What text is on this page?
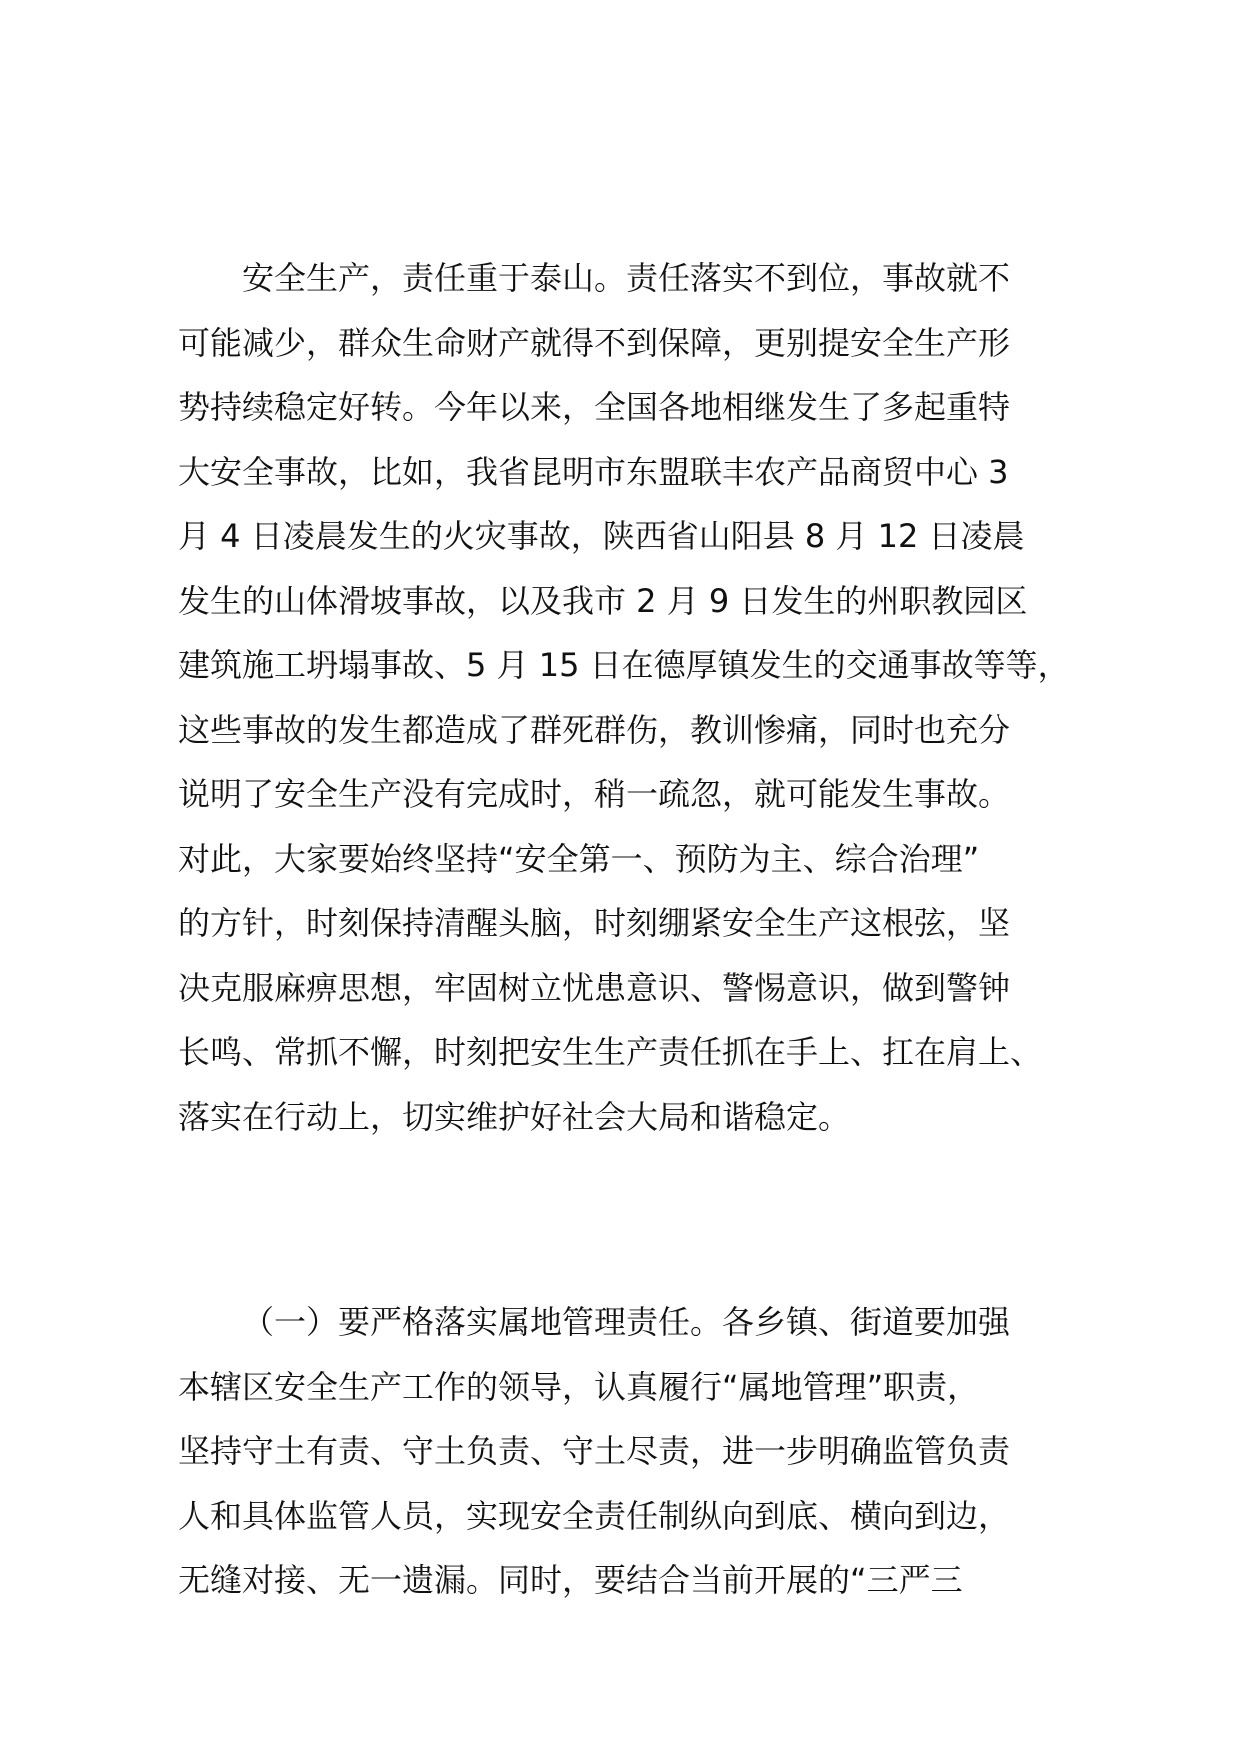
安全生产，责任重于泰山。责任落实不到位，事故就不
可能减少，群众生命财产就得不到保障，更别提安全生产形
势持续稳定好转。今年以来，全国各地相继发生了多起重特
大安全事故，比如，我省昆明市东盟联丰农产品商贸中心 3
月 4 日凌晨发生的火灾事故，陕西省山阳县 8 月 12 日凌晨
发生的山体滑坡事故，以及我市 2 月 9 日发生的州职教园区
建筑施工坍塌事故、5 月 15 日在德厚镇发生的交通事故等等，
这些事故的发生都造成了群死群伤，教训惨痛，同时也充分
说明了安全生产没有完成时，稍一疏忽，就可能发生事故。
对此，大家要始终坚持“安全第一、预防为主、综合治理”
的方针，时刻保持清醒头脑，时刻绷紧安全生产这根弦，坚
决克服麻痹思想，牢固树立忧患意识、警惕意识，做到警钟
长鸣、常抓不懈，时刻把安生生产责任抓在手上、扛在肩上、
落实在行动上，切实维护好社会大局和谐稳定。
（一）要严格落实属地管理责任。各乡镇、街道要加强
本辖区安全生产工作的领导，认真履行“属地管理”职责，
坚持守土有责、守土负责、守土尽责，进一步明确监管负责
人和具体监管人员，实现安全责任制纵向到底、横向到边，
无缝对接、无一遗漏。同时，要结合当前开展的“三严三
